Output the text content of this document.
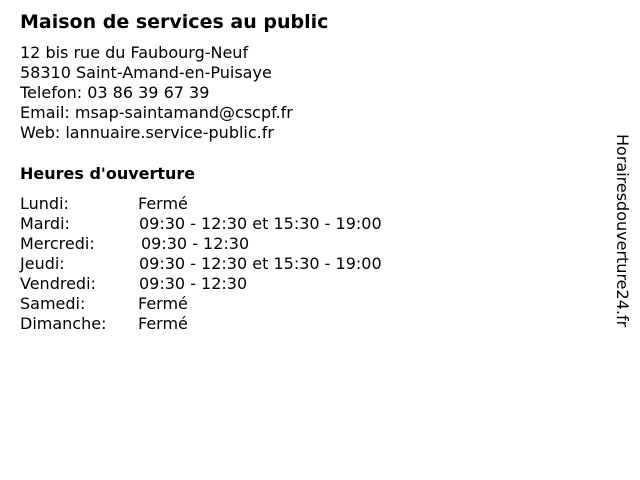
Maison de services au public
12 bis rue du Faubourg-Neuf
58310 Saint-Amand-en-Puisaye
Telefon: 03 86 39 67 39
Email: msap-saintamand@cscpf.fr
Web: lannuaire.service-public.fr
Heures d'ouverture
Lundi:	Fermé
Mardi:	09:30 - 12:30 et 15:30 - 19:00
Mercredi:	09:30 - 12:30
Jeudi:	09:30 - 12:30 et 15:30 - 19:00
Vendredi:	09:30 - 12:30
Samedi:	Fermé
Dimanche: Fermé	Horairesdouverture24.fr
